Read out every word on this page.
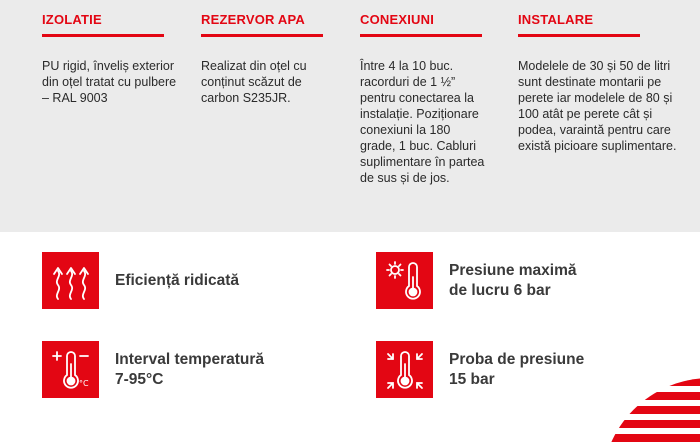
IZOLATIE
PU rigid, înveliș exterior din oțel tratat cu pulbere – RAL 9003
REZERVOR APA
Realizat din oțel cu conținut scăzut de carbon S235JR.
CONEXIUNI
Între 4 la 10 buc. racorduri de 1 ½” pentru conectarea la instalație. Poziționare conexiuni la 180 grade, 1 buc. Cabluri suplimentare în partea de sus și de jos.
INSTALARE
Modelele de 30 și 50 de litri sunt destinate montarii pe perete iar modelele de 80 și 100 atât pe perete cât și podea, varaintă pentru care există picioare suplimentare.
Eficiență ridicată
Presiune maximă
de lucru 6 bar
°C
Interval temperatură
7-95°C
Proba de presiune
15 bar
